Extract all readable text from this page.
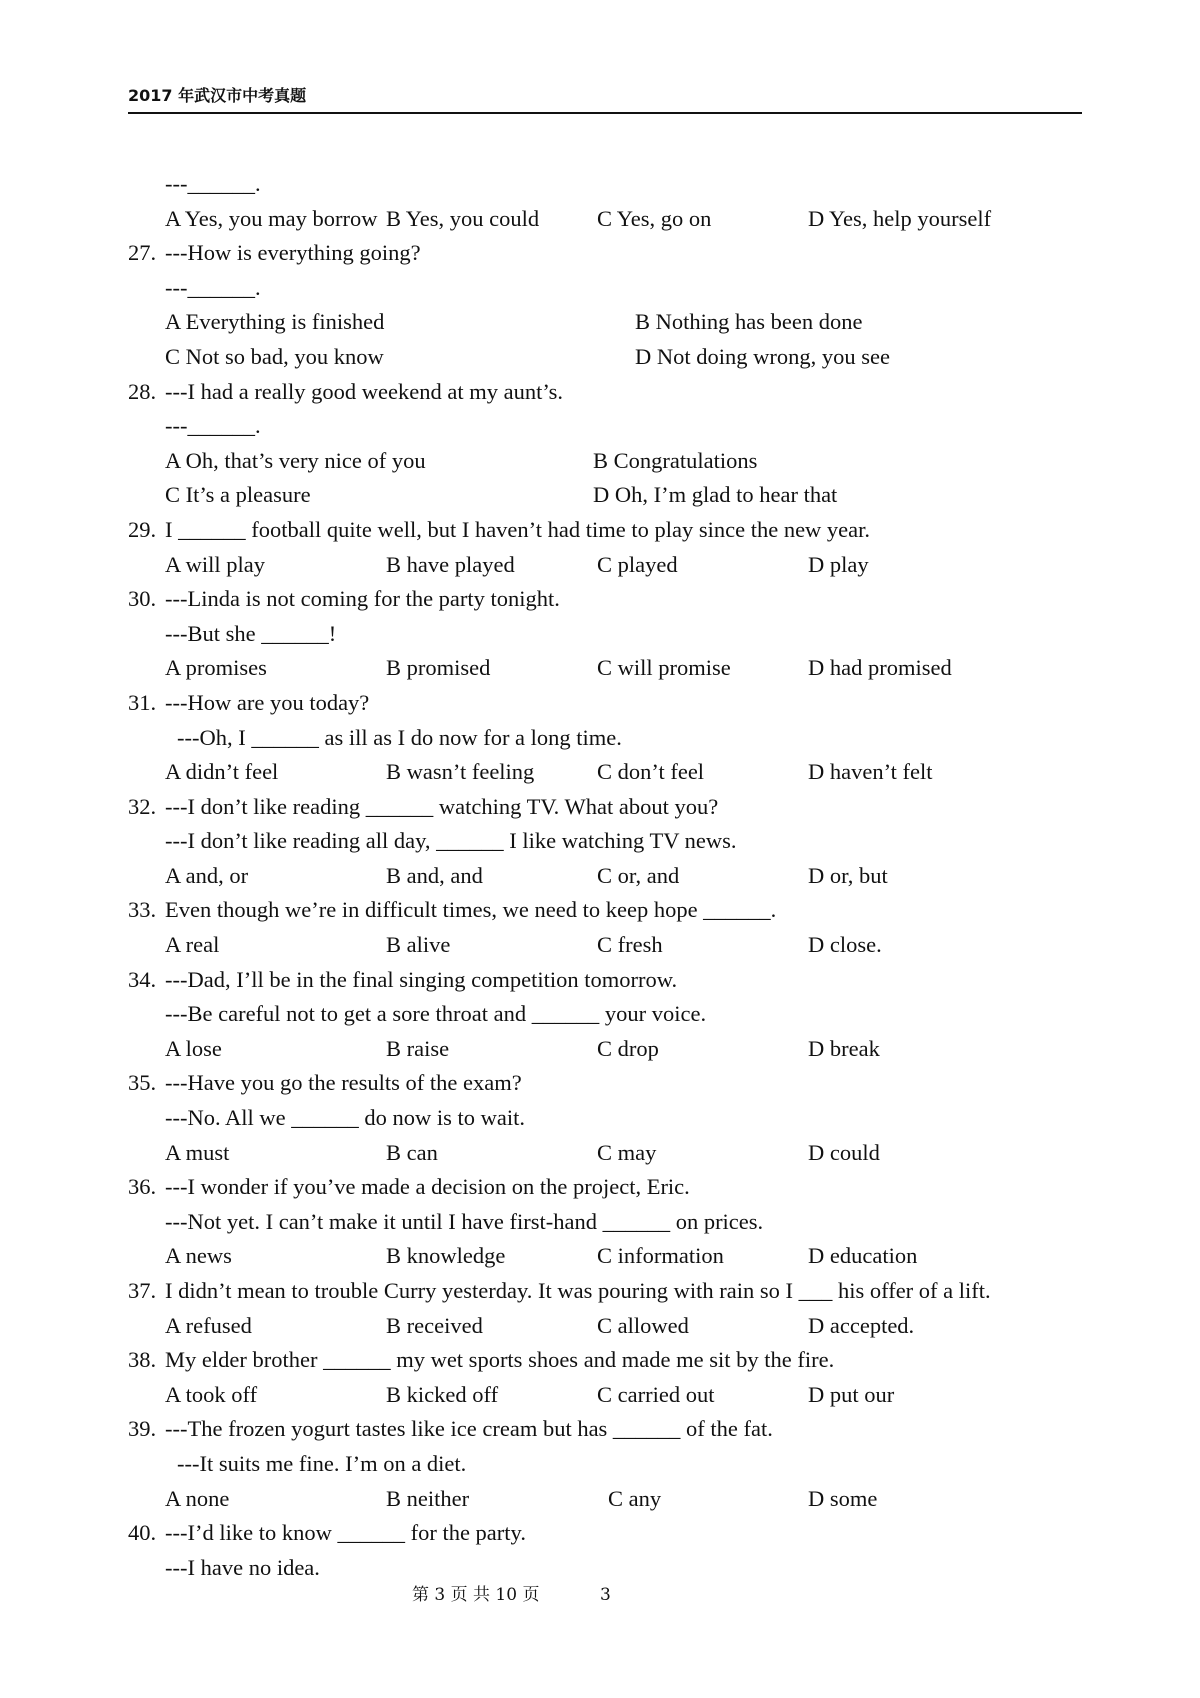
2017 年武汉市中考真题
---______.
A Yes, you may borrow B Yes, you could	C Yes, go on	D Yes, help yourself
27. ---How is everything going?
---______.
A Everything is finished	B Nothing has been done
C Not so bad, you know	D Not doing wrong, you see
28. ---I had a really good weekend at my aunt’s.
---______.
A Oh, that’s very nice of you	B Congratulations
C It’s a pleasure	D Oh, I’m glad to hear that
29. I ______ football quite well, but I haven’t had time to play since the new year.
A will play	B have played	C played	D play
30. ---Linda is not coming for the party tonight.
---But she ______!
A promises	B promised	C will promise	D had promised
31. ---How are you today?
---Oh, I ______ as ill as I do now for a long time.
A didn’t feel	B wasn’t feeling	C don’t feel	D haven’t felt
32. ---I don’t like reading ______ watching TV. What about you?
---I don’t like reading all day, ______ I like watching TV news.
A and, or	B and, and	C or, and	D or, but
33. Even though we’re in difficult times, we need to keep hope ______.
A real	B alive	C fresh	D close.
34. ---Dad, I’ll be in the final singing competition tomorrow.
---Be careful not to get a sore throat and ______ your voice.
A lose	B raise	C drop	D break
35. ---Have you go the results of the exam?
---No. All we ______ do now is to wait.
A must	B can	C may	D could
36. ---I wonder if you’ve made a decision on the project, Eric.
---Not yet. I can’t make it until I have first-hand ______ on prices.
A news	B knowledge	C information	D education
37. I didn’t mean to trouble Curry yesterday. It was pouring with rain so I ___ his offer of a lift.
A refused	B received	C allowed	D accepted.
38. My elder brother ______ my wet sports shoes and made me sit by the fire.
A took off	B kicked off	C carried out	D put our
39. ---The frozen yogurt tastes like ice cream but has ______ of the fat.
---It suits me fine. I’m on a diet.
A none	B neither	C any	D some
40. ---I’d like to know ______ for the party.
---I have no idea.
第 3 页 共 10 页	3
